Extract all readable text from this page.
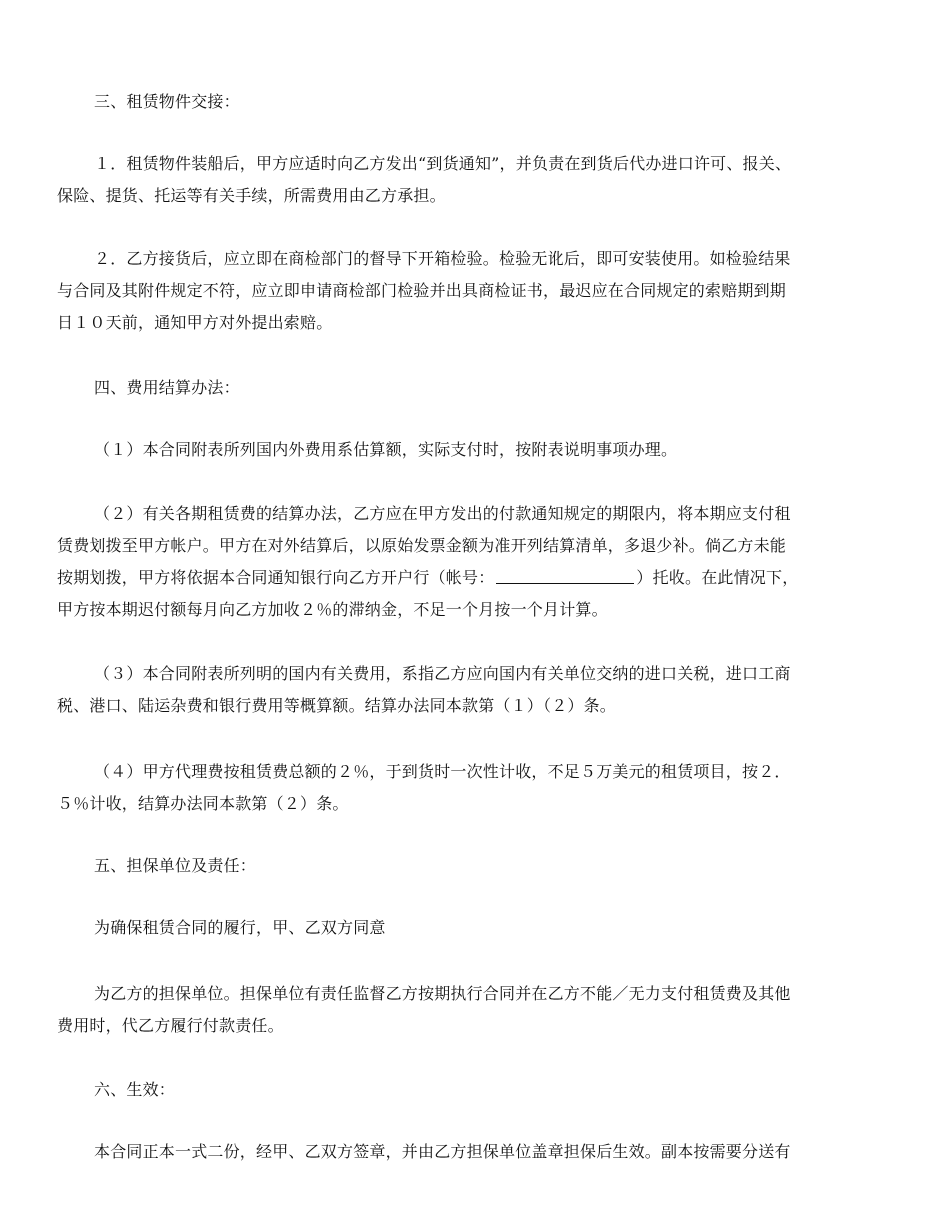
三、租赁物件交接：

１．租赁物件装船后，甲方应适时向乙方发出“到货通知”，并负责在到货后代办进口许可、报关、
保险、提货、托运等有关手续，所需费用由乙方承担。

２．乙方接货后，应立即在商检部门的督导下开箱检验。检验无讹后，即可安装使用。如检验结果
与合同及其附件规定不符，应立即申请商检部门检验并出具商检证书，最迟应在合同规定的索赔期到期
日１０天前，通知甲方对外提出索赔。

四、费用结算办法：

（１）本合同附表所列国内外费用系估算额，实际支付时，按附表说明事项办理。

（２）有关各期租赁费的结算办法，乙方应在甲方发出的付款通知规定的期限内，将本期应支付租
赁费划拨至甲方帐户。甲方在对外结算后，以原始发票金额为准开列结算清单，多退少补。倘乙方未能
按期划拨，甲方将依据本合同通知银行向乙方开户行（帐号：	）托收。在此情况下，
甲方按本期迟付额每月向乙方加收２％的滞纳金，不足一个月按一个月计算。

（３）本合同附表所列明的国内有关费用，系指乙方应向国内有关单位交纳的进口关税，进口工商
税、港口、陆运杂费和银行费用等概算额。结算办法同本款第（１）（２）条。

（４）甲方代理费按租赁费总额的２％，于到货时一次性计收，不足５万美元的租赁项目，按２．
５％计收，结算办法同本款第（２）条。

五、担保单位及责任：

为确保租赁合同的履行，甲、乙双方同意

为乙方的担保单位。担保单位有责任监督乙方按期执行合同并在乙方不能／无力支付租赁费及其他
费用时，代乙方履行付款责任。

六、生效：

本合同正本一式二份，经甲、乙双方签章，并由乙方担保单位盖章担保后生效。副本按需要分送有
